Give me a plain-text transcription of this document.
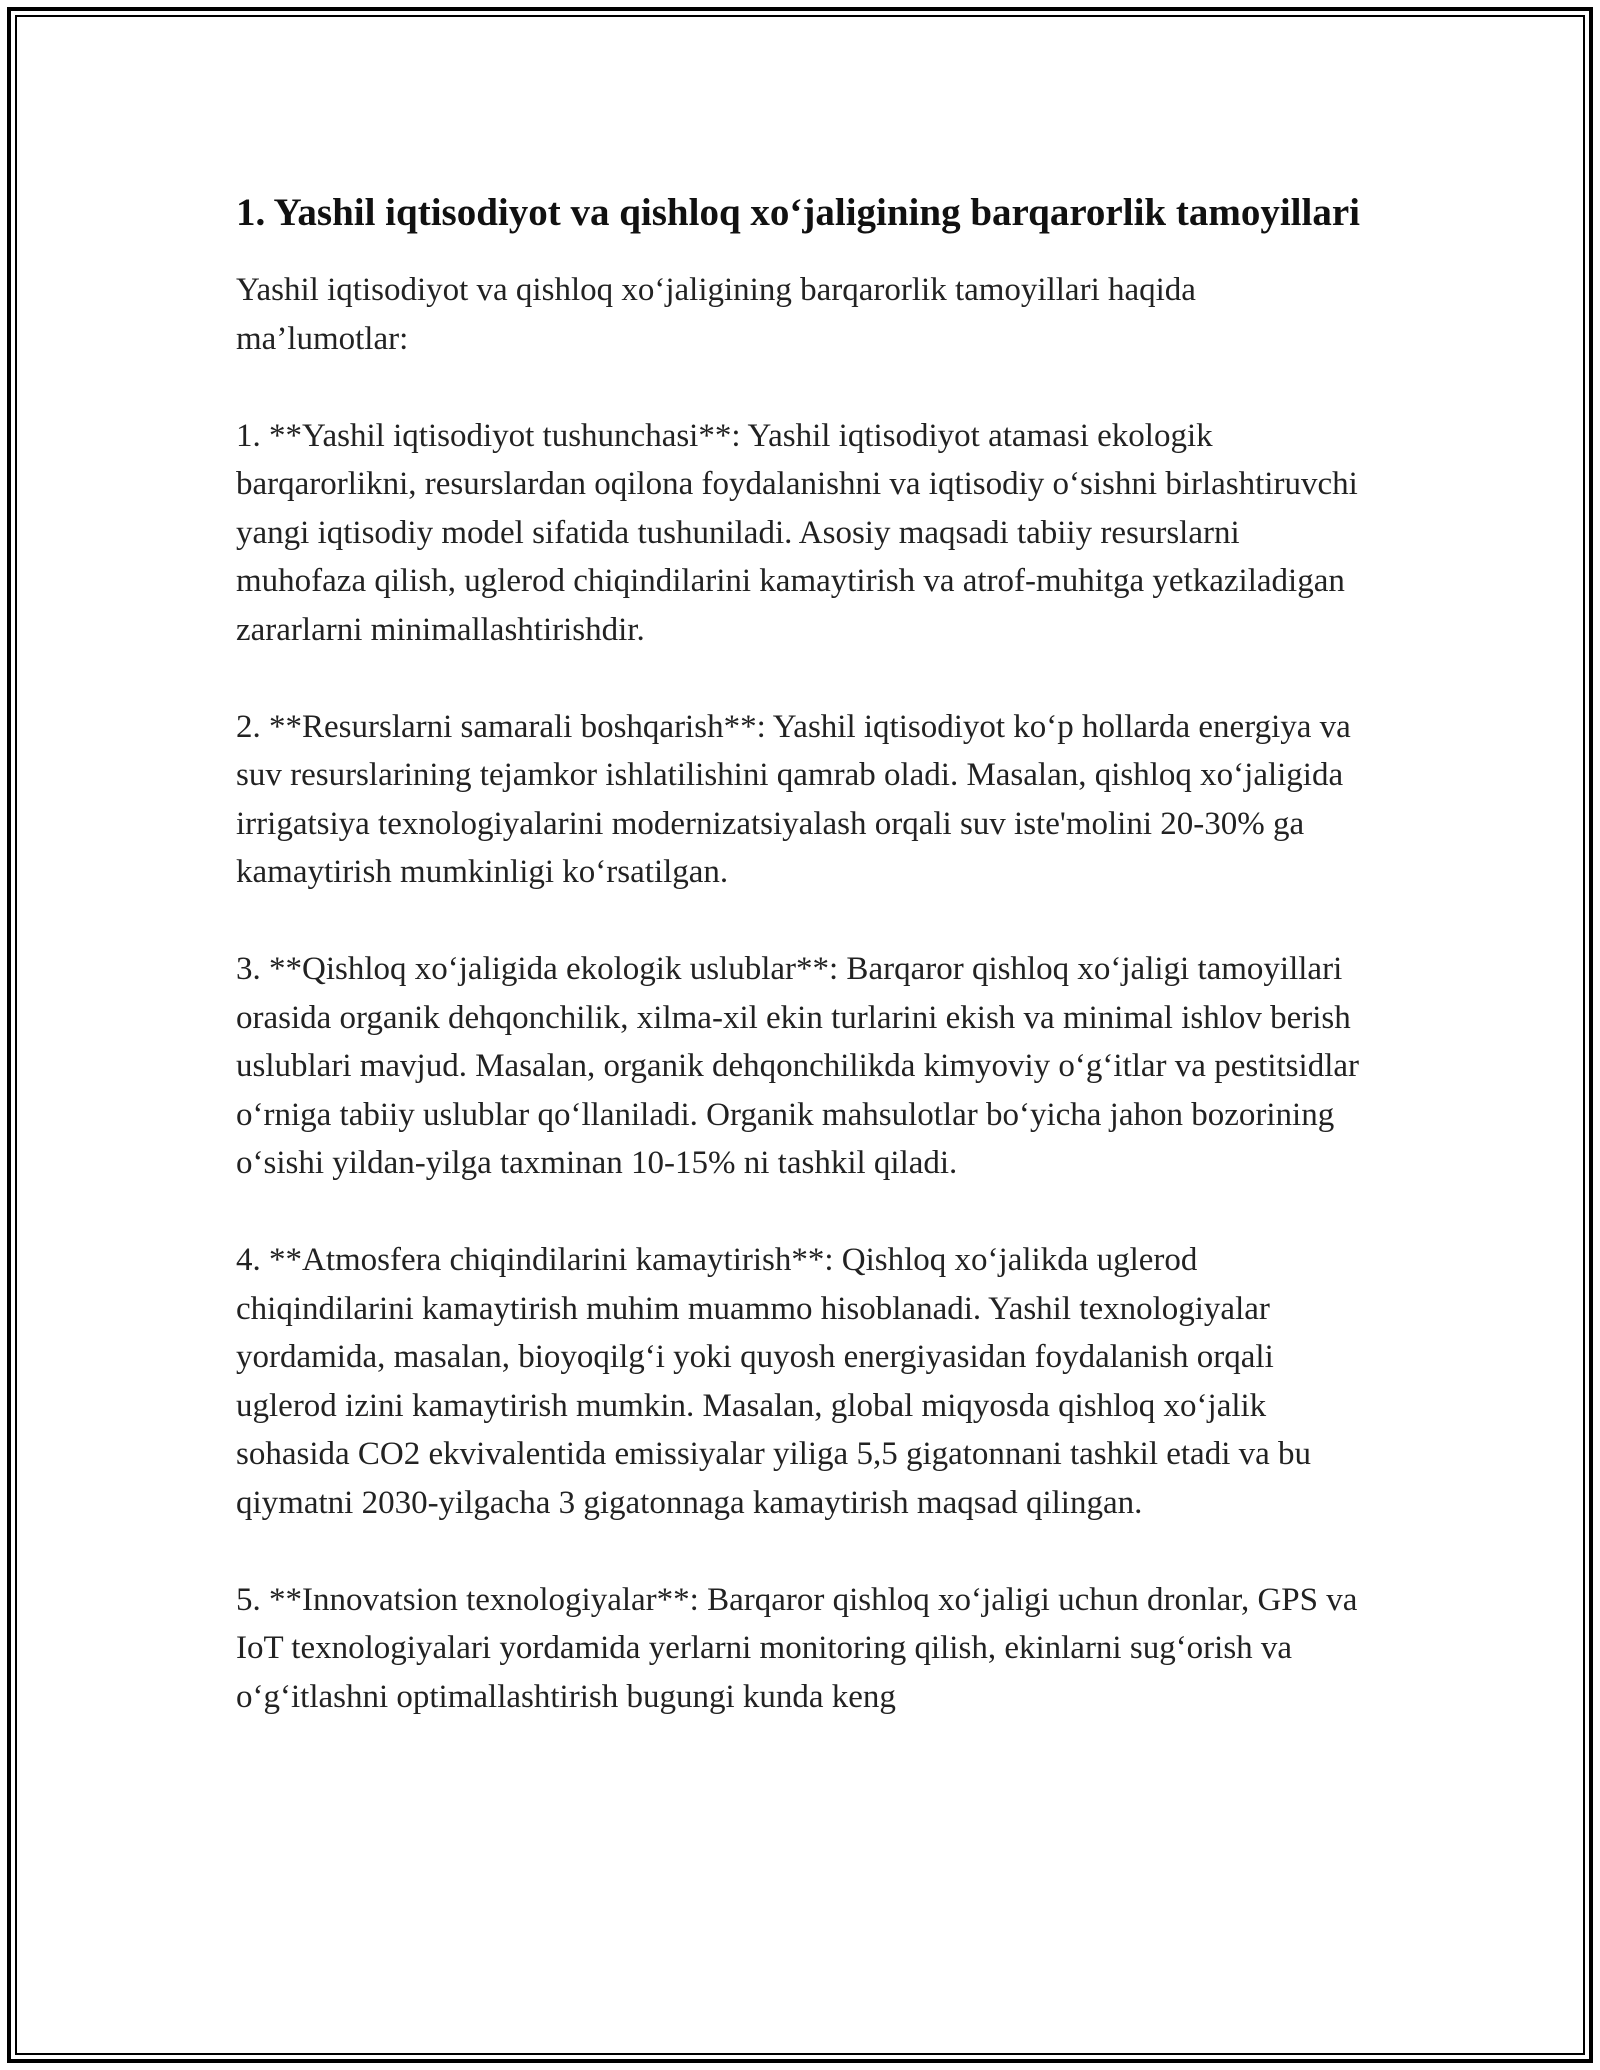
1. Yashil iqtisodiyot va qishloq xo‘jaligining barqarorlik tamoyillari

Yashil iqtisodiyot va qishloq xo‘jaligining barqarorlik tamoyillari haqida ma’lumotlar:

1. **Yashil iqtisodiyot tushunchasi**: Yashil iqtisodiyot atamasi ekologik barqarorlikni, resurslardan oqilona foydalanishni va iqtisodiy o‘sishni birlashtiruvchi yangi iqtisodiy model sifatida tushuniladi. Asosiy maqsadi tabiiy resurslarni muhofaza qilish, uglerod chiqindilarini kamaytirish va atrof-muhitga yetkaziladigan zararlarni minimallashtirishdir.

2. **Resurslarni samarali boshqarish**: Yashil iqtisodiyot ko‘p hollarda energiya va suv resurslarining tejamkor ishlatilishini qamrab oladi. Masalan, qishloq xo‘jaligida irrigatsiya texnologiyalarini modernizatsiyalash orqali suv iste'molini 20-30% ga kamaytirish mumkinligi ko‘rsatilgan.

3. **Qishloq xo‘jaligida ekologik uslublar**: Barqaror qishloq xo‘jaligi tamoyillari orasida organik dehqonchilik, xilma-xil ekin turlarini ekish va minimal ishlov berish uslublari mavjud. Masalan, organik dehqonchilikda kimyoviy o‘g‘itlar va pestitsidlar o‘rniga tabiiy uslublar qo‘llaniladi. Organik mahsulotlar bo‘yicha jahon bozorining o‘sishi yildan-yilga taxminan 10-15% ni tashkil qiladi.

4. **Atmosfera chiqindilarini kamaytirish**: Qishloq xo‘jalikda uglerod chiqindilarini kamaytirish muhim muammo hisoblanadi. Yashil texnologiyalar yordamida, masalan, bioyoqilg‘i yoki quyosh energiyasidan foydalanish orqali uglerod izini kamaytirish mumkin. Masalan, global miqyosda qishloq xo‘jalik sohasida CO2 ekvivalentida emissiyalar yiliga 5,5 gigatonnani tashkil etadi va bu qiymatni 2030-yilgacha 3 gigatonnaga kamaytirish maqsad qilingan.

5. **Innovatsion texnologiyalar**: Barqaror qishloq xo‘jaligi uchun dronlar, GPS va IoT texnologiyalari yordamida yerlarni monitoring qilish, ekinlarni sug‘orish va o‘g‘itlashni optimallashtirish bugungi kunda keng
